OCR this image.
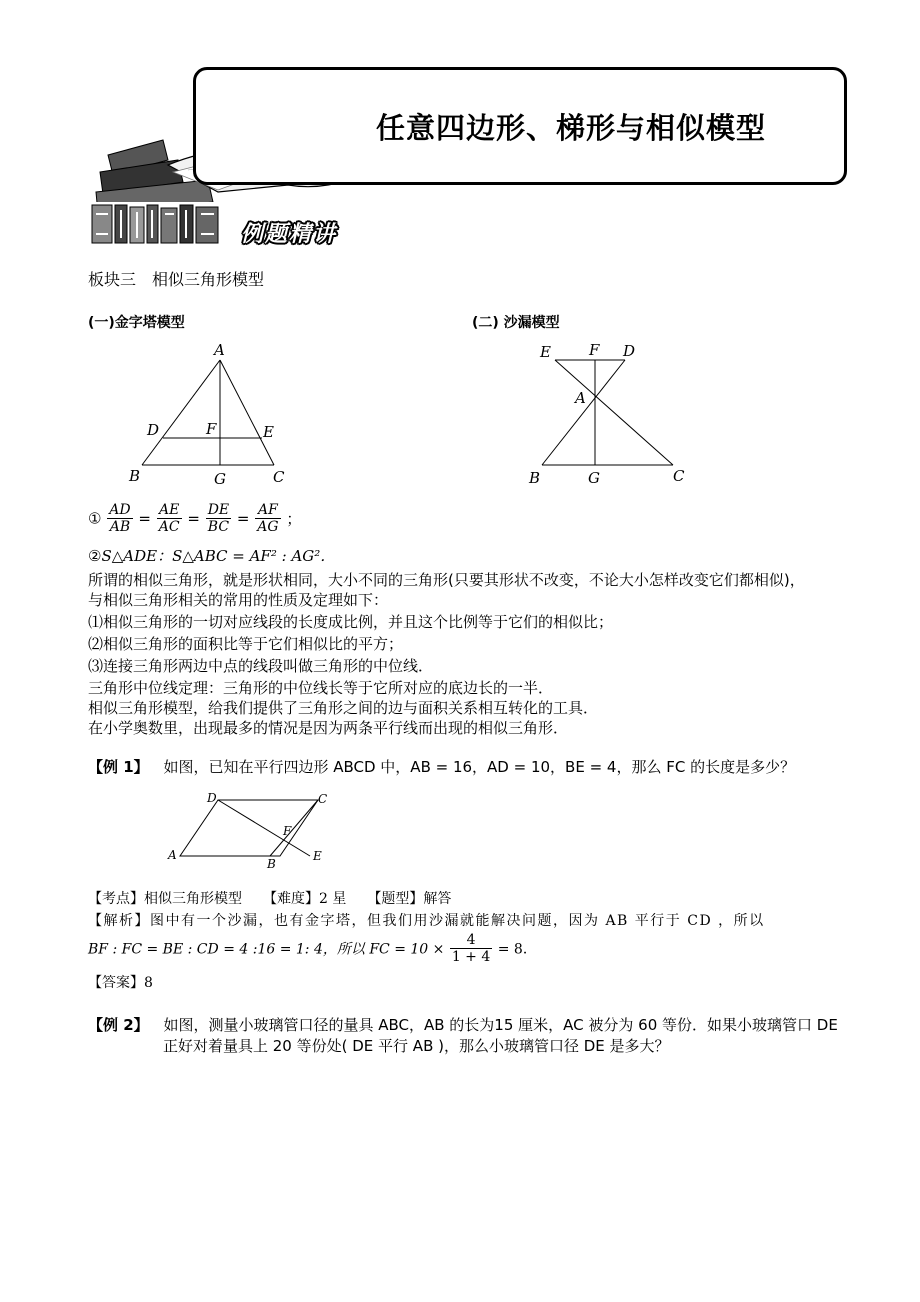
任意四边形、梯形与相似模型
例题精讲
板块三　相似三角形模型
(一)金字塔模型	(二) 沙漏模型
A
D	F	E
B	G	C
E	F D
A
B	G	C
① $\frac{AD}{AB} = \frac{AE}{AC} = \frac{DE}{BC} = \frac{AF}{AG}$ ；
②S△ADE：S△ABC = AF² : AG²．
所谓的相似三角形，就是形状相同，大小不同的三角形(只要其形状不改变，不论大小怎样改变它们都相似)，
与相似三角形相关的常用的性质及定理如下：
⑴相似三角形的一切对应线段的长度成比例，并且这个比例等于它们的相似比；
⑵相似三角形的面积比等于它们相似比的平方；
⑶连接三角形两边中点的线段叫做三角形的中位线．
三角形中位线定理：三角形的中位线长等于它所对应的底边长的一半．
相似三角形模型，给我们提供了三角形之间的边与面积关系相互转化的工具．
在小学奥数里，出现最多的情况是因为两条平行线而出现的相似三角形．
【例 1】 如图，已知在平行四边形 ABCD 中，AB = 16，AD = 10，BE = 4，那么 FC 的长度是多少？
D	C
F
A
B
E
【考点】相似三角形模型　　【难度】2 星　　【题型】解答
【解析】图中有一个沙漏，也有金字塔，但我们用沙漏就能解决问题，因为 AB 平行于 CD ，所以
BF : FC = BE : CD = 4 :16 = 1: 4，所以 FC = $10 \times \frac{4}{1 + 4} = 8$．
【答案】8
【例 2】 如图，测量小玻璃管口径的量具 ABC，AB 的长为15 厘米，AC 被分为 60 等份．如果小玻璃管口 DE
正好对着量具上 20 等份处( DE 平行 AB )，那么小玻璃管口径 DE 是多大？
